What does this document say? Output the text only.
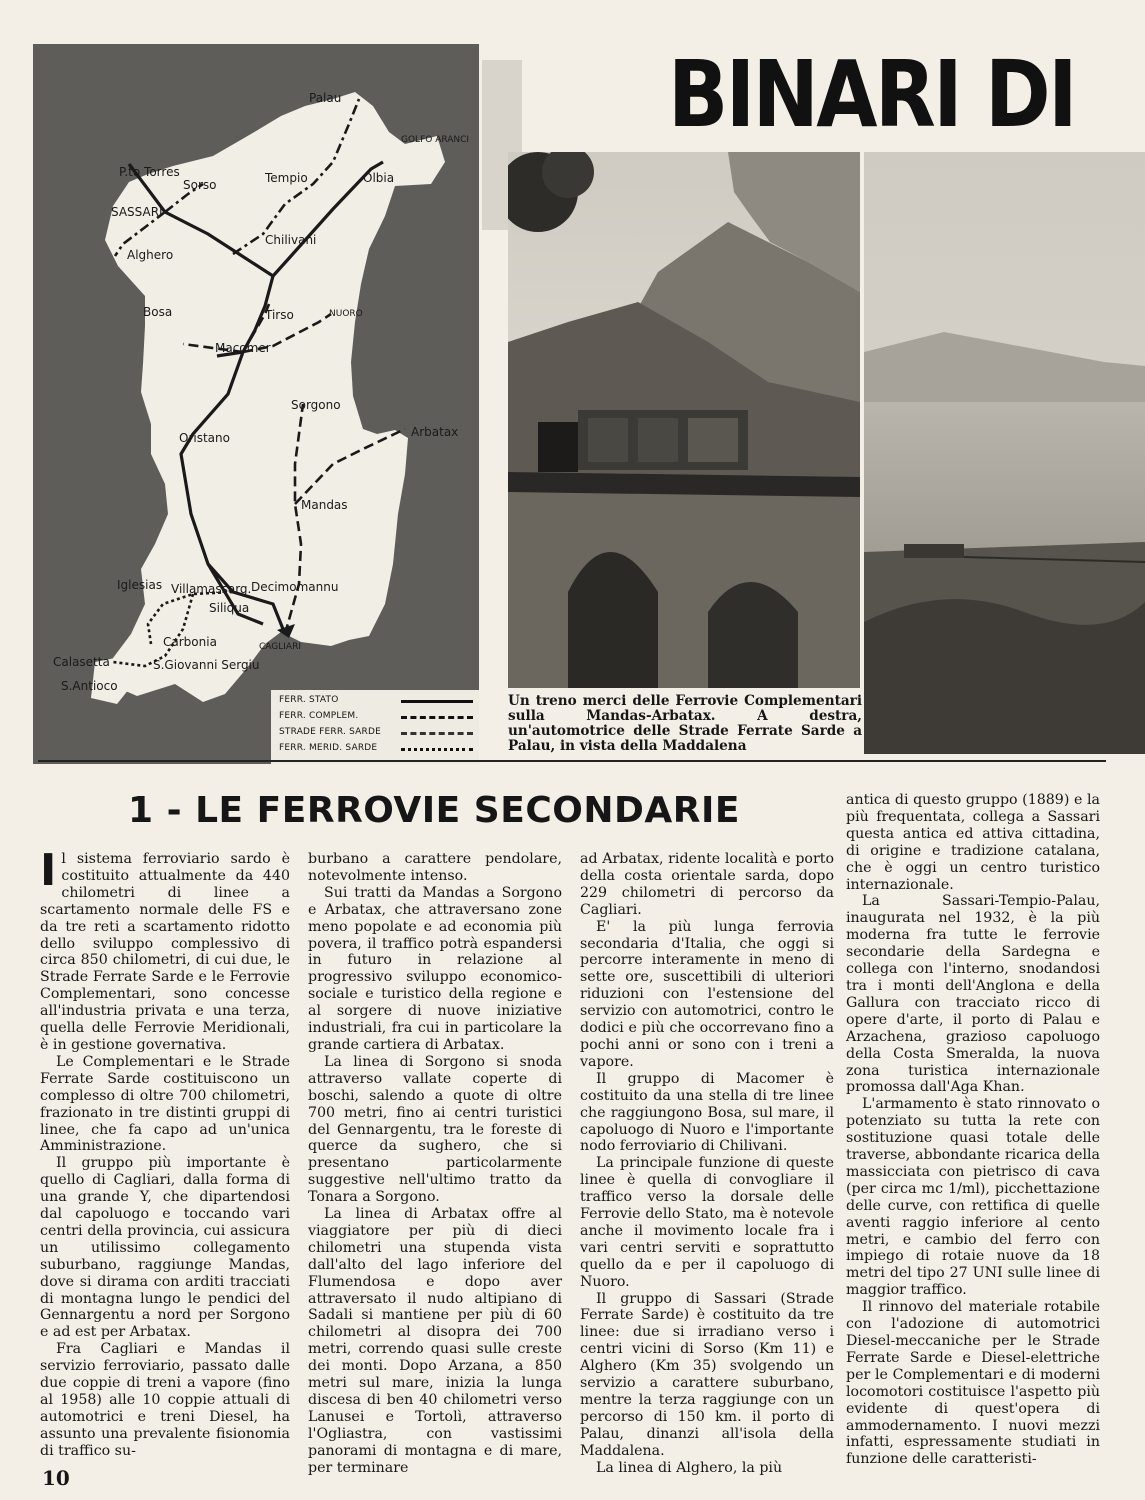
Palau
GOLFO ARANCI
P.to Torres
Sorso	Tempio	Olbia
SASSARI
Alghero
Chilivani
Bosa	Tirso	NUORO
Macomer
Sorgono
Oristano	Arbatax
Mandas
Iglesias Villamassarg. Decimomannu
Siliqua
Carbonia	CAGLIARI
Calasetta	S.Giovanni Sergiu
S.Antioco
FERR. STATO
FERR. COMPLEM.
STRADE FERR. SARDE
FERR. MERID. SARDE
BINARI DI
Un treno merci delle Ferrovie Complementari sulla Mandas-Arbatax. A destra, un'automotrice delle Strade Ferrate Sarde a Palau, in vista della Maddalena
1 - LE FERROVIE SECONDARIE

Il sistema ferroviario sardo è costituito attualmente da 440 chilometri di linee a scartamento normale delle FS e da tre reti a scartamento ridotto dello sviluppo complessivo di circa 850 chilometri, di cui due, le Strade Ferrate Sarde e le Ferrovie Complementari, sono concesse all'industria privata e una terza, quella delle Ferrovie Meridionali, è in gestione governativa.

Le Complementari e le Strade Ferrate Sarde costituiscono un complesso di oltre 700 chilometri, frazionato in tre distinti gruppi di linee, che fa capo ad un'unica Amministrazione.

Il gruppo più importante è quello di Cagliari, dalla forma di una grande Y, che dipartendosi dal capoluogo e toccando vari centri della provincia, cui assicura un utilissimo collegamento suburbano, raggiunge Mandas, dove si dirama con arditi tracciati di montagna lungo le pendici del Gennargentu a nord per Sorgono e ad est per Arbatax.

Fra Cagliari e Mandas il servizio ferroviario, passato dalle due coppie di treni a vapore (fino al 1958) alle 10 coppie attuali di automotrici e treni Diesel, ha assunto una prevalente fisionomia di traffico su-

burbano a carattere pendolare, notevolmente intenso.

Sui tratti da Mandas a Sorgono e Arbatax, che attraversano zone meno popolate e ad economia più povera, il traffico potrà espandersi in futuro in relazione al progressivo sviluppo economico-sociale e turistico della regione e al sorgere di nuove iniziative industriali, fra cui in particolare la grande cartiera di Arbatax.

La linea di Sorgono si snoda attraverso vallate coperte di boschi, salendo a quote di oltre 700 metri, fino ai centri turistici del Gennargentu, tra le foreste di querce da sughero, che si presentano particolarmente suggestive nell'ultimo tratto da Tonara a Sorgono.

La linea di Arbatax offre al viaggiatore per più di dieci chilometri una stupenda vista dall'alto del lago inferiore del Flumendosa e dopo aver attraversato il nudo altipiano di Sadali si mantiene per più di 60 chilometri al disopra dei 700 metri, correndo quasi sulle creste dei monti. Dopo Arzana, a 850 metri sul mare, inizia la lunga discesa di ben 40 chilometri verso Lanusei e Tortolì, attraverso l'Ogliastra, con vastissimi panorami di montagna e di mare, per terminare

ad Arbatax, ridente località e porto della costa orientale sarda, dopo 229 chilometri di percorso da Cagliari.

E' la più lunga ferrovia secondaria d'Italia, che oggi si percorre interamente in meno di sette ore, suscettibili di ulteriori riduzioni con l'estensione del servizio con automotrici, contro le dodici e più che occorrevano fino a pochi anni or sono con i treni a vapore.

Il gruppo di Macomer è costituito da una stella di tre linee che raggiungono Bosa, sul mare, il capoluogo di Nuoro e l'importante nodo ferroviario di Chilivani.

La principale funzione di queste linee è quella di convogliare il traffico verso la dorsale delle Ferrovie dello Stato, ma è notevole anche il movimento locale fra i vari centri serviti e soprattutto quello da e per il capoluogo di Nuoro.

Il gruppo di Sassari (Strade Ferrate Sarde) è costituito da tre linee: due si irradiano verso i centri vicini di Sorso (Km 11) e Alghero (Km 35) svolgendo un servizio a carattere suburbano, mentre la terza raggiunge con un percorso di 150 km. il porto di Palau, dinanzi all'isola della Maddalena.

La linea di Alghero, la più

antica di questo gruppo (1889) e la più frequentata, collega a Sassari questa antica ed attiva cittadina, di origine e tradizione catalana, che è oggi un centro turistico internazionale.

La Sassari-Tempio-Palau, inaugurata nel 1932, è la più moderna fra tutte le ferrovie secondarie della Sardegna e collega con l'interno, snodandosi tra i monti dell'Anglona e della Gallura con tracciato ricco di opere d'arte, il porto di Palau e Arzachena, grazioso capoluogo della Costa Smeralda, la nuova zona turistica internazionale promossa dall'Aga Khan.

L'armamento è stato rinnovato o potenziato su tutta la rete con sostituzione quasi totale delle traverse, abbondante ricarica della massicciata con pietrisco di cava (per circa mc 1/ml), picchettazione delle curve, con rettifica di quelle aventi raggio inferiore al cento metri, e cambio del ferro con impiego di rotaie nuove da 18 metri del tipo 27 UNI sulle linee di maggior traffico.

Il rinnovo del materiale rotabile con l'adozione di automotrici Diesel-meccaniche per le Strade Ferrate Sarde e Diesel-elettriche per le Complementari e di moderni locomotori costituisce l'aspetto più evidente di quest'opera di ammodernamento. I nuovi mezzi infatti, espressamente studiati in funzione delle caratteristi-

10
